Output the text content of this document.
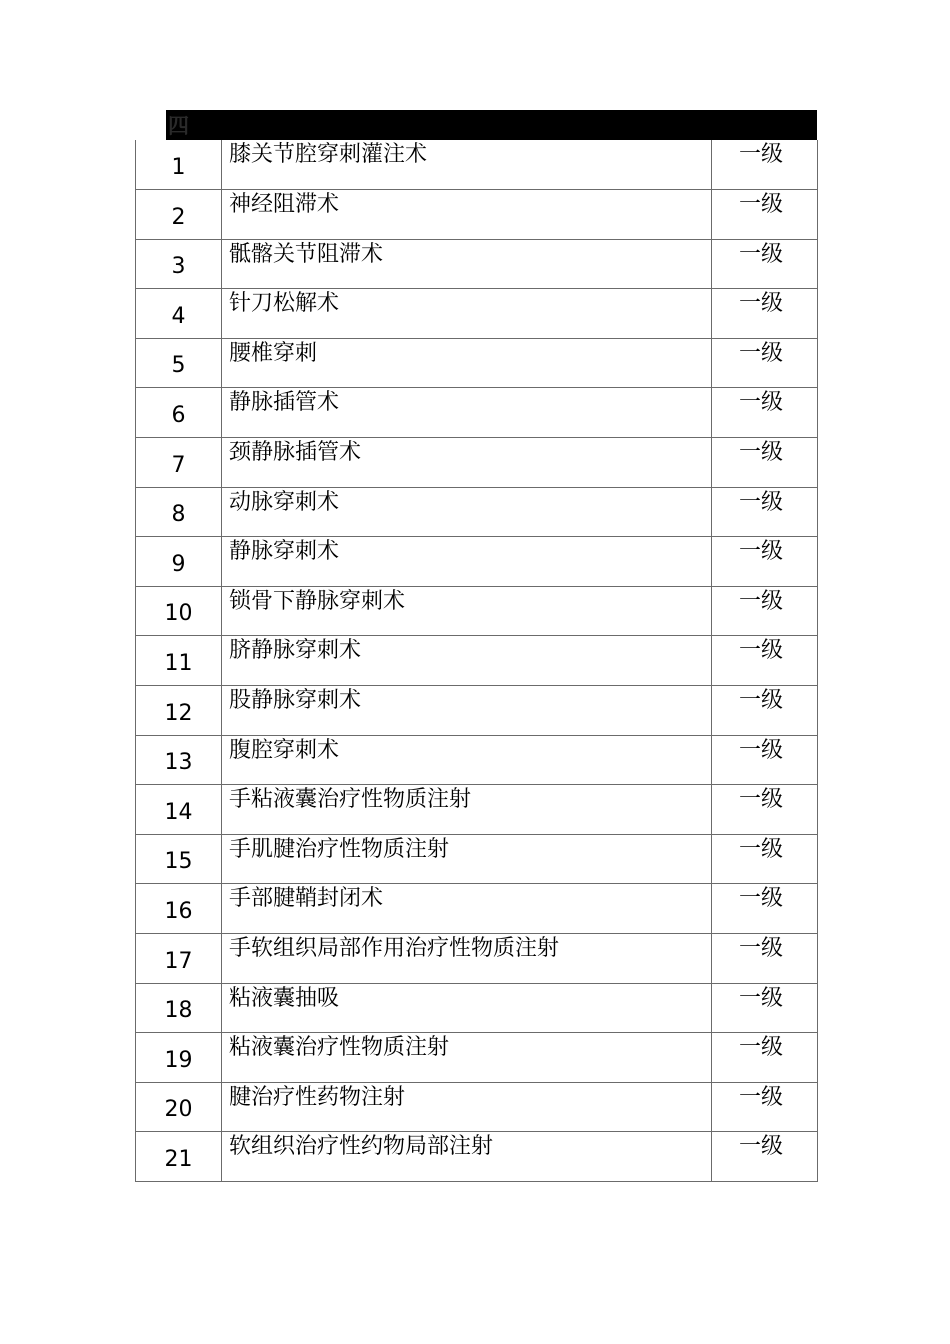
四
1	膝关节腔穿刺灌注术	一级
2	神经阻滞术	一级
3	骶髂关节阻滞术	一级
4	针刀松解术	一级
5	腰椎穿刺	一级
6	静脉插管术	一级
7	颈静脉插管术	一级
8	动脉穿刺术	一级
9	静脉穿刺术	一级
10	锁骨下静脉穿刺术	一级
11	脐静脉穿刺术	一级
12	股静脉穿刺术	一级
13	腹腔穿刺术	一级
14	手粘液囊治疗性物质注射	一级
15	手肌腱治疗性物质注射	一级
16	手部腱鞘封闭术	一级
17	手软组织局部作用治疗性物质注射	一级
18	粘液囊抽吸	一级
19	粘液囊治疗性物质注射	一级
20	腱治疗性药物注射	一级
21	软组织治疗性约物局部注射	一级
